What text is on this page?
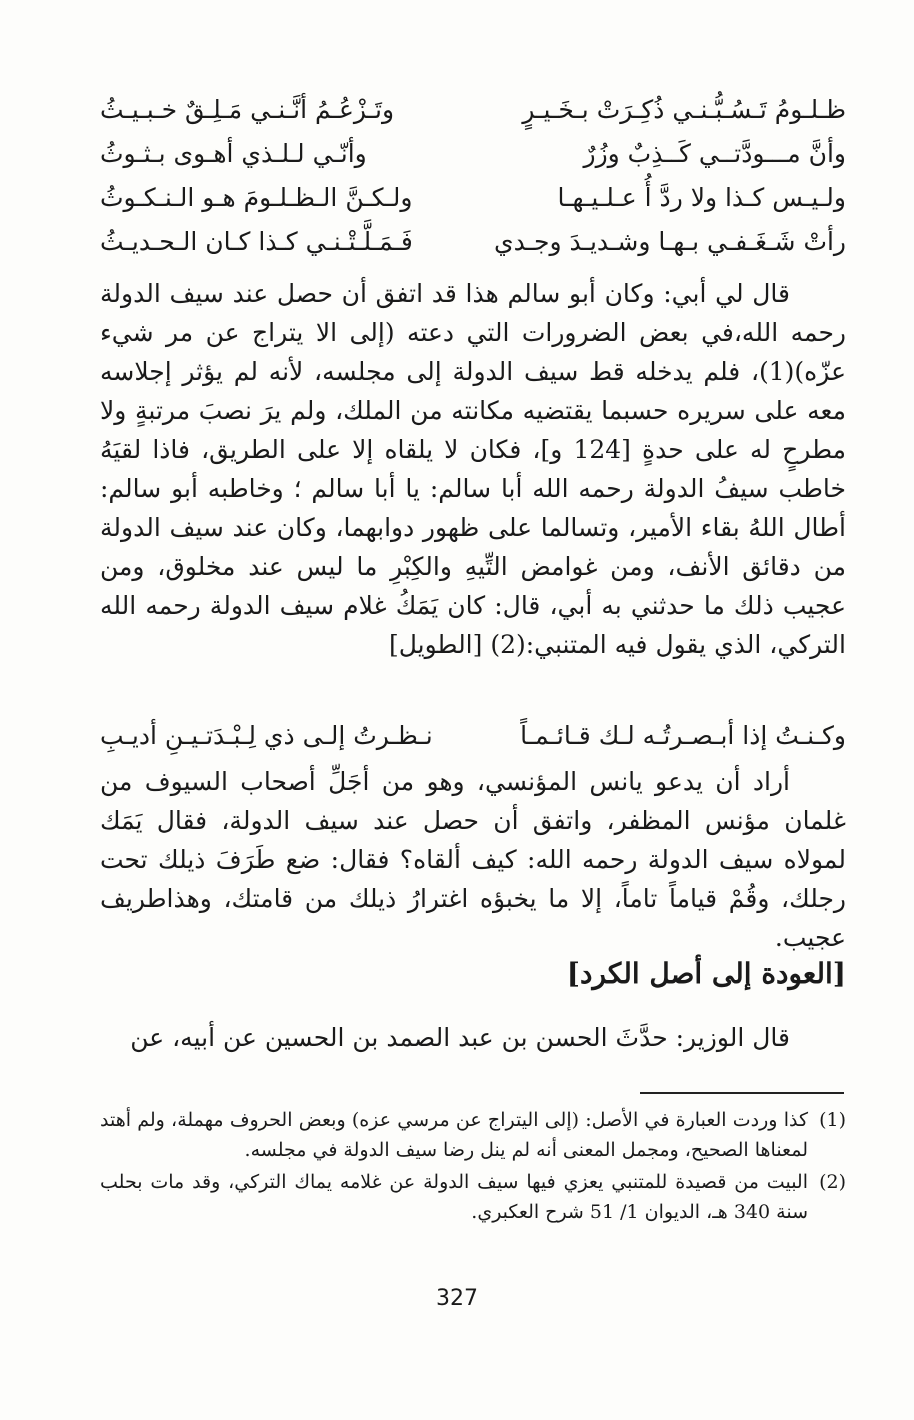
ظـلـومُ تَـسُـبُّـنـي ذُكِـرَتْ بـخَـيـرٍ
وتَـزْعُـمُ أنَّـنـي مَـلِـقٌ خـبـيـثُ
وأنَّ مـــودَّتــي كَــذِبٌ وزُرٌ
وأنّـي لـلـذي أهـوى بـثـوثُ
ولـيـس كـذا ولا ردَّ أُ عـلـيـهـا
ولـكـنَّ الـظـلـومَ هـو الـنـكـوثُ
رأتْ شَـغَـفـي بـهـا وشـديـدَ وجـدي
فَـمَـلَّـتْـنـي كـذا كـان الـحـديـثُ

قال لي أبي: وكان أبو سالم هذا قد اتفق أن حصل عند سيف الدولة رحمه الله،في بعض الضرورات التي دعته (إلى الا يتراج عن مر شيء عزّه)(1)، فلم يدخله قط سيف الدولة إلى مجلسه، لأنه لم يؤثر إجلاسه معه على سريره حسبما يقتضيه مكانته من الملك، ولم يرَ نصبَ مرتبةٍ ولا مطرحٍ له على حدةٍ [124 و]، فكان لا يلقاه إلا على الطريق، فاذا لقيَهُ خاطب سيفُ الدولة رحمه الله أبا سالم: يا أبا سالم ؛ وخاطبه أبو سالم: أطال اللهُ بقاء الأمير، وتسالما على ظهور دوابهما، وكان عند سيف الدولة من دقائق الأنف، ومن غوامض التِّيهِ والكِبْرِ ما ليس عند مخلوق، ومن عجيب ذلك ما حدثني به أبي، قال: كان يَمَكُ غلام سيف الدولة رحمه الله التركي، الذي يقول فيه المتنبي:(2) [الطويل]

وكـنـتُ إذا أبـصـرتُـه لـك قـائـمـاً
نـظـرتُ إلـى ذي لِـبْـدَتـيـنِ أديـبِ

أراد أن يدعو يانس المؤنسي، وهو من أجَلِّ أصحاب السيوف من غلمان مؤنس المظفر، واتفق أن حصل عند سيف الدولة، فقال يَمَك لمولاه سيف الدولة رحمه الله: كيف ألقاه؟ فقال: ضع طَرَفَ ذيلك تحت رجلك، وقُمْ قياماً تاماً، إلا ما يخبؤه اغترارُ ذيلك من قامتك، وهذاطريف عجيب.

[العودة إلى أصل الكرد]

قال الوزير: حدَّثَ الحسن بن عبد الصمد بن الحسين عن أبيه، عن

(1)
كذا وردت العبارة في الأصل: (إلى اليتراج عن مرسي عزه) وبعض الحروف مهملة، ولم أهتد لمعناها الصحيح، ومجمل المعنى أنه لم ينل رضا سيف الدولة في مجلسه.
(2)
البيت من قصيدة للمتنبي يعزي فيها سيف الدولة عن غلامه يماك التركي، وقد مات بحلب سنة 340 هـ، الديوان 1/ 51 شرح العكبري.
327
